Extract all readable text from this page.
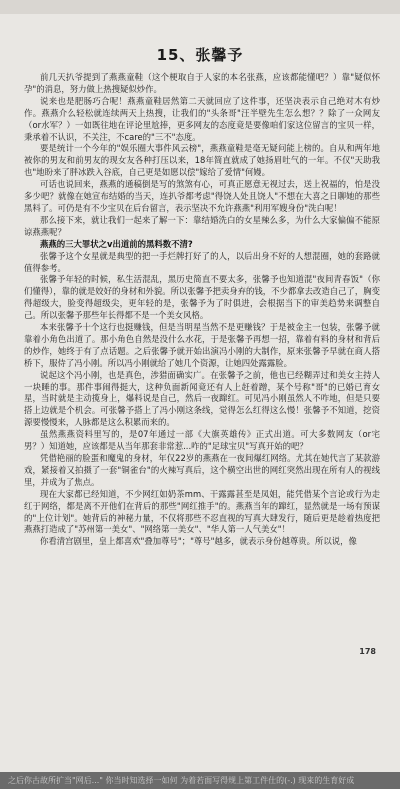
15、张馨予

前几天扒爷提到了燕燕童鞋（这个梗取自于人家的本名张燕，应该都能懂吧？）靠"疑似怀孕"的消息，努力做上热搜疑似炒作。

说来也是肥肠巧合呢！燕燕童鞋居然第二天就回应了这件事，还坚决表示自己绝对木有炒作。燕燕介么轻松就连续两天上热搜，让我们的"头条哥"汪半壁先生怎么想？？除了一众网友（or水军？）一如既往地在评论里尬捧，更多网友的态度竟是要像咱们家这位留言的宝贝一样，秉承着不认识，不关注，不care的"三不"态度。

要是统计一个今年的"娱乐圈大事件风云榜"，燕燕童鞋是毫无疑问能上榜的。自从和两年地被你的男友和前男友的现女友各种打压以来，18年简直就成了她扬眉吐气的一年。不仅"天助我也"地盼来了胖冰跌入谷底，自己更是如愿以偿"嫁给了爱情"何嫚。

可话也说回来，燕燕的通稿倒是写的煞煞有心，可真正愿意无视过去，送上祝福的，怕是没多少吧？就像在她宣布结婚的当天，连扒爷都考虑"得饶人处且饶人"不想在大喜之日聊她的那些黑料了。可仍是有不少宝贝在后台留言，表示坚决不允许燕燕"利用军嫂身份"洗白呢！

那么接下来，就让我们一起来了解一下：靠结婚洗白的女星辣么多，为什么大家偏偏不能原谅燕燕呢？

燕燕的三大罪状之v出道前的黑料数不清?

张馨予这个女星就是典型的把一手烂牌打好了的人，以后出身不好的人想混圈，她的套路就值得参考。

张馨予年轻的时候，私生活混乱，黑历史简直不要太多，张馨予也知道混"夜间青春饭"（你们懂得），靠的就是姣好的身材和外貌。所以张馨予把卖身弃的钱，不少都拿去改造自己了，胸变得超级大，脸变得超级尖，更年轻的是，张馨予为了时俱进，会根据当下的审美趋势来调整自己。所以张馨予那些年长得都不是一个美女风格。

本来张馨予十个这行也挺赚钱，但是当明星当然不是更赚钱？于是被金主一包装，张馨予就靠着小角色出道了。那小角色自然是没什么水花，于是张馨予再想一招，靠着有料的身材和背后的炒作，她终于有了点话题。之后张馨予就开始出演冯小刚的大制作，原来张馨予早就在商人搭桥下，服侍了冯小刚。所以冯小刚就给了她几个资源，让她四处露露脸。

说起这个冯小刚，也是真色，涉猎面确实广。在张馨予之前，他也已经糊弄过和美女主持人一块睡的事。那件事闹得挺大，这种负面新闻竟还有人上赶着蹭，某个号称"哥"的已婚已育女星，当时就是主动揽身上，爆料说是自己，然后一夜蹿红。可见冯小刚虽然人不咋地，但是只要搭上边就是个机会。可张馨予搭上了冯小刚这条线，觉得怎么红得这么慢！张馨予不知道，挖资源要慢慢来，人脉都是这么积累而来的。

虽然燕燕资料里写的，是07年通过一部《大旗英雄传》正式出道。可大多数网友（or宅男？）知道她，应该都是从当年那套非常惹...咋的"足球宝贝"写真开始的吧？

凭借艳丽的脸蛋和魔鬼的身材，年仅22岁的燕燕在一夜间爆红网络。尤其在她代言了某款游戏，紧接着又拍摄了一套"铜雀台"的火辣写真后，这个横空出世的网红突然出现在所有人的视线里，并成为了焦点。

现在大家都已经知道，不少网红如奶茶mm、干露露甚至是凤姐，能凭借某个言论或行为走红于网络，都是离不开他们在背后的那些"网红推手"的。燕燕当年的蹿红，显然就是一场有预谋的"上位计划"。她背后的神秘力量，不仅将那些不忍直视的写真大肆发行，随后更是趁着热度把燕燕打造成了"苏州第一美女"、"网络第一美女"、"华人第一人气美女"！

你看清宫剧里，皇上都喜欢"叠加尊号"；"尊号"越多，就表示身份越尊贵。所以说，像

178
之后你古故所扩当"网后..." 你当时知选择一如何 为着若面写得规上第工件仕的(-.) 现来的生育好成
